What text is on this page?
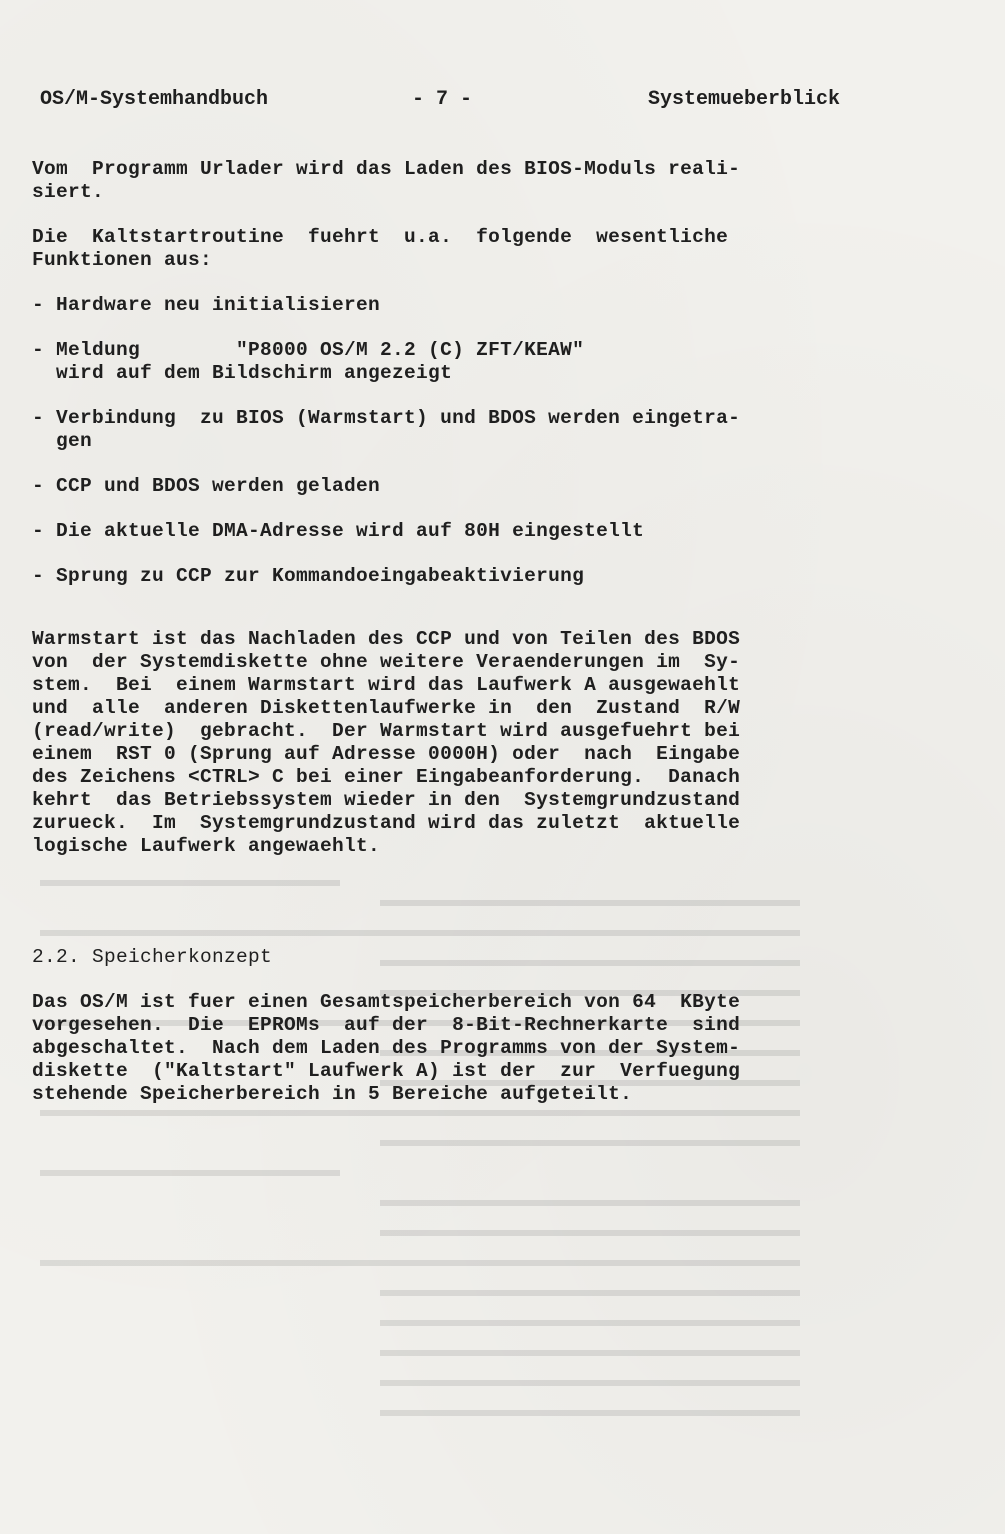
OS/M-Systemhandbuch	- 7 -	Systemueberblick

Vom  Programm Urlader wird das Laden des BIOS-Moduls reali-
siert.

Die  Kaltstartroutine  fuehrt  u.a.  folgende  wesentliche
Funktionen aus:

- Hardware neu initialisieren

- Meldung        "P8000 OS/M 2.2 (C) ZFT/KEAW"
wird auf dem Bildschirm angezeigt

- Verbindung  zu BIOS (Warmstart) und BDOS werden eingetra-
gen

- CCP und BDOS werden geladen

- Die aktuelle DMA-Adresse wird auf 80H eingestellt

- Sprung zu CCP zur Kommandoeingabeaktivierung

Warmstart ist das Nachladen des CCP und von Teilen des BDOS
von  der Systemdiskette ohne weitere Veraenderungen im  Sy-
stem.  Bei  einem Warmstart wird das Laufwerk A ausgewaehlt
und  alle  anderen Diskettenlaufwerke in  den  Zustand  R/W
(read/write)  gebracht.  Der Warmstart wird ausgefuehrt bei
einem  RST 0 (Sprung auf Adresse 0000H) oder  nach  Eingabe
des Zeichens <CTRL> C bei einer Eingabeanforderung.  Danach
kehrt  das Betriebssystem wieder in den  Systemgrundzustand
zurueck.  Im  Systemgrundzustand wird das zuletzt  aktuelle
logische Laufwerk angewaehlt.

2.2. Speicherkonzept

Das OS/M ist fuer einen Gesamtspeicherbereich von 64  KByte
vorgesehen.  Die  EPROMs  auf der  8-Bit-Rechnerkarte  sind
abgeschaltet.  Nach dem Laden des Programms von der System-
diskette  ("Kaltstart" Laufwerk A) ist der  zur  Verfuegung
stehende Speicherbereich in 5 Bereiche aufgeteilt.
